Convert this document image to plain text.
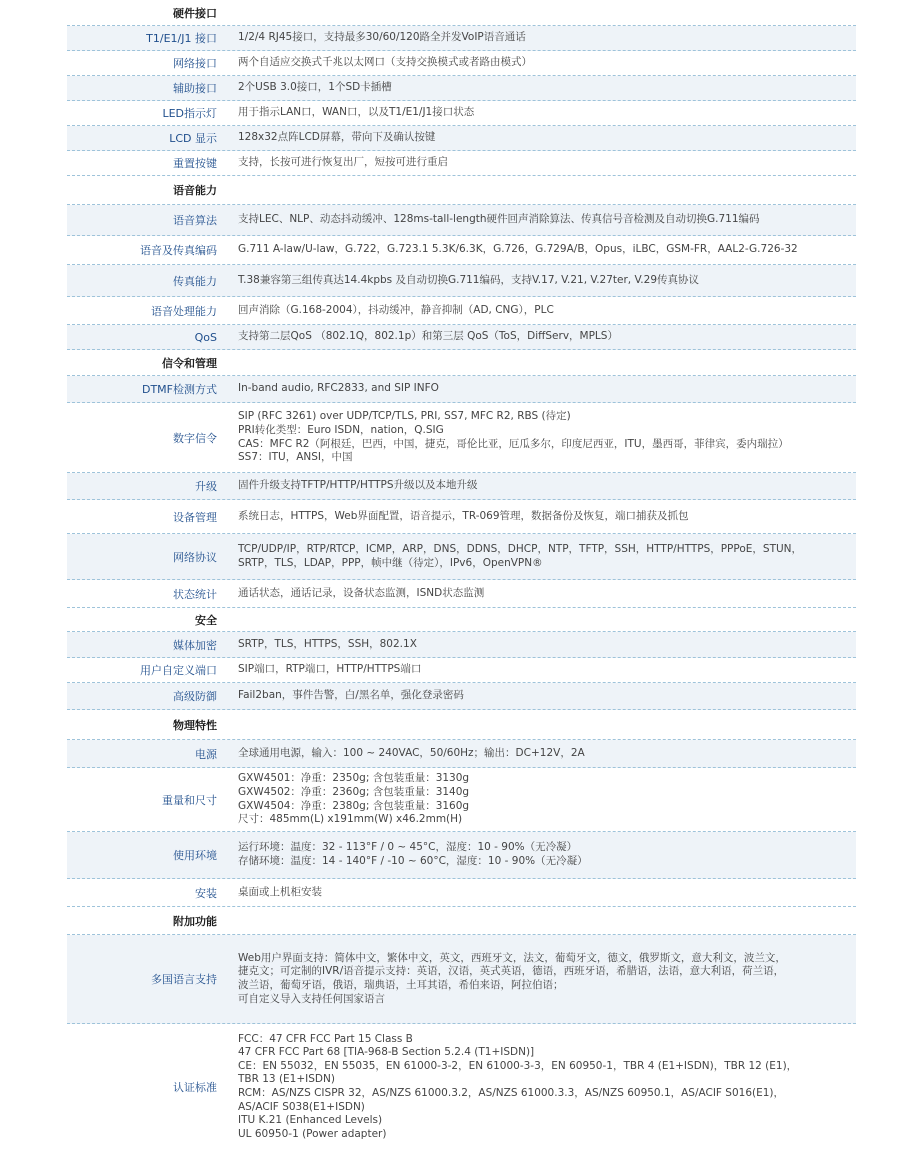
硬件接口
T1/E1/J1 接口 1/2/4 RJ45接口，支持最多30/60/120路全并发VoIP语音通话
网络接口 两个自适应交换式千兆以太网口（支持交换模式或者路由模式）
辅助接口 2个USB 3.0接口，1个SD卡插槽
LED指示灯 用于指示LAN口，WAN口，以及T1/E1/J1接口状态
LCD 显示 128x32点阵LCD屏幕，带向下及确认按键
重置按键 支持，长按可进行恢复出厂，短按可进行重启
语音能力
语音算法 支持LEC、NLP、动态抖动缓冲、128ms-tall-length硬件回声消除算法、传真信号音检测及自动切换G.711编码
语音及传真编码 G.711 A-law/U-law，G.722，G.723.1 5.3K/6.3K，G.726，G.729A/B，Opus，iLBC，GSM-FR，AAL2-G.726-32
传真能力 T.38兼容第三组传真达14.4kpbs 及自动切换G.711编码，支持V.17, V.21, V.27ter, V.29传真协议
语音处理能力 回声消除（G.168-2004），抖动缓冲，静音抑制（AD, CNG），PLC
QoS 支持第二层QoS （802.1Q，802.1p）和第三层 QoS（ToS，DiffServ，MPLS）
信令和管理
DTMF检测方式 In-band audio, RFC2833, and SIP INFO
数字信令
SIP (RFC 3261) over UDP/TCP/TLS, PRI, SS7, MFC R2, RBS (待定)
PRI转化类型：Euro ISDN，nation，Q.SIG
CAS：MFC R2（阿根廷，巴西，中国，捷克，哥伦比亚，厄瓜多尔，印度尼西亚，ITU，墨西哥，菲律宾，委内瑞拉）
SS7：ITU，ANSI，中国
升级 固件升级支持TFTP/HTTP/HTTPS升级以及本地升级
设备管理 系统日志，HTTPS，Web界面配置，语音提示，TR-069管理，数据备份及恢复，端口捕获及抓包
网络协议
TCP/UDP/IP，RTP/RTCP，ICMP，ARP，DNS，DDNS，DHCP，NTP，TFTP，SSH，HTTP/HTTPS，PPPoE，STUN，
SRTP，TLS，LDAP，PPP，帧中继（待定），IPv6，OpenVPN®
状态统计 通话状态，通话记录，设备状态监测，ISND状态监测
安全
媒体加密 SRTP，TLS，HTTPS，SSH，802.1X
用户自定义端口 SIP端口，RTP端口，HTTP/HTTPS端口
高级防御 Fail2ban，事件告警，白/黑名单，强化登录密码
物理特性
电源 全球通用电源，输入：100 ~ 240VAC，50/60Hz；输出：DC+12V，2A
重量和尺寸
GXW4501：净重：2350g; 含包装重量：3130g
GXW4502：净重：2360g; 含包装重量：3140g
GXW4504：净重：2380g; 含包装重量：3160g
尺寸：485mm(L) x191mm(W) x46.2mm(H)
使用环境
运行环境：温度：32 - 113°F / 0 ~ 45°C，湿度：10 - 90%（无冷凝）
存储环境：温度：14 - 140°F / -10 ~ 60°C，湿度：10 - 90%（无冷凝）
安装 桌面或上机柜安装
附加功能
多国语言支持
Web用户界面支持：简体中文，繁体中文，英文，西班牙文，法文，葡萄牙文，德文，俄罗斯文，意大利文，波兰文，
捷克文；可定制的IVR/语音提示支持：英语，汉语，英式英语，德语，西班牙语，希腊语，法语，意大利语，荷兰语，
波兰语，葡萄牙语，俄语，瑞典语，土耳其语，希伯来语，阿拉伯语；
可自定义导入支持任何国家语言
认证标准
FCC：47 CFR FCC Part 15 Class B
47 CFR FCC Part 68 [TIA-968-B Section 5.2.4 (T1+ISDN)]
CE：EN 55032，EN 55035，EN 61000-3-2，EN 61000-3-3，EN 60950-1，TBR 4 (E1+ISDN)，TBR 12 (E1)，
TBR 13 (E1+ISDN)
RCM：AS/NZS CISPR 32，AS/NZS 61000.3.2，AS/NZS 61000.3.3，AS/NZS 60950.1，AS/ACIF S016(E1)，
AS/ACIF S038(E1+ISDN)
ITU K.21 (Enhanced Levels)
UL 60950-1 (Power adapter)
